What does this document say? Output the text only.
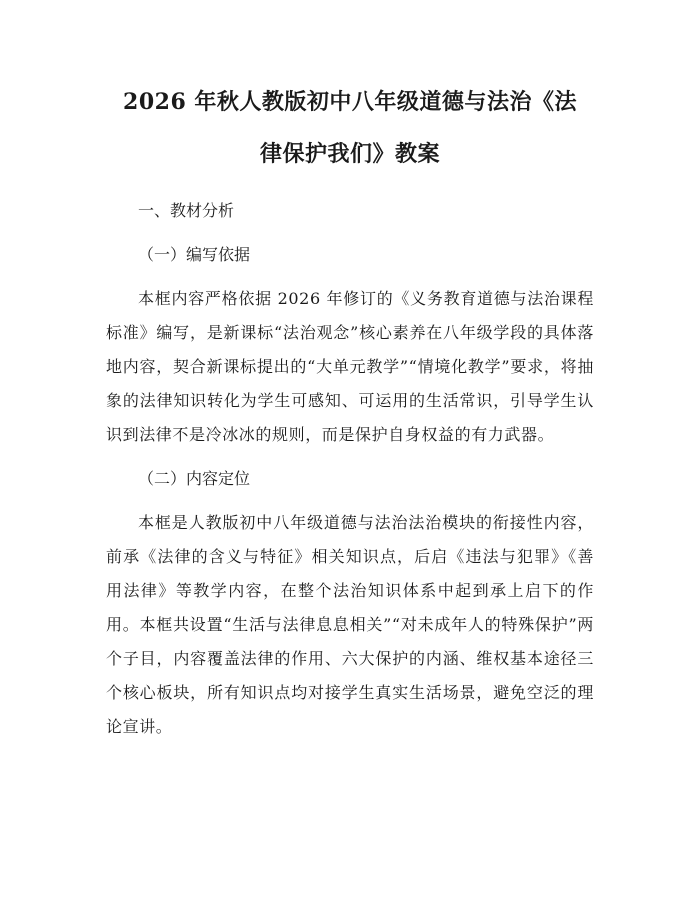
2026 年秋人教版初中八年级道德与法治《法
律保护我们》教案

一、教材分析

（一）编写依据

本框内容严格依据 2026 年修订的《义务教育道德与法治课程标准》编写，是新课标“法治观念”核心素养在八年级学段的具体落地内容，契合新课标提出的“大单元教学”“情境化教学”要求，将抽象的法律知识转化为学生可感知、可运用的生活常识，引导学生认识到法律不是冷冰冰的规则，而是保护自身权益的有力武器。

（二）内容定位

本框是人教版初中八年级道德与法治法治模块的衔接性内容，前承《法律的含义与特征》相关知识点，后启《违法与犯罪》《善用法律》等教学内容，在整个法治知识体系中起到承上启下的作用。本框共设置“生活与法律息息相关”“对未成年人的特殊保护”两个子目，内容覆盖法律的作用、六大保护的内涵、维权基本途径三个核心板块，所有知识点均对接学生真实生活场景，避免空泛的理论宣讲。
